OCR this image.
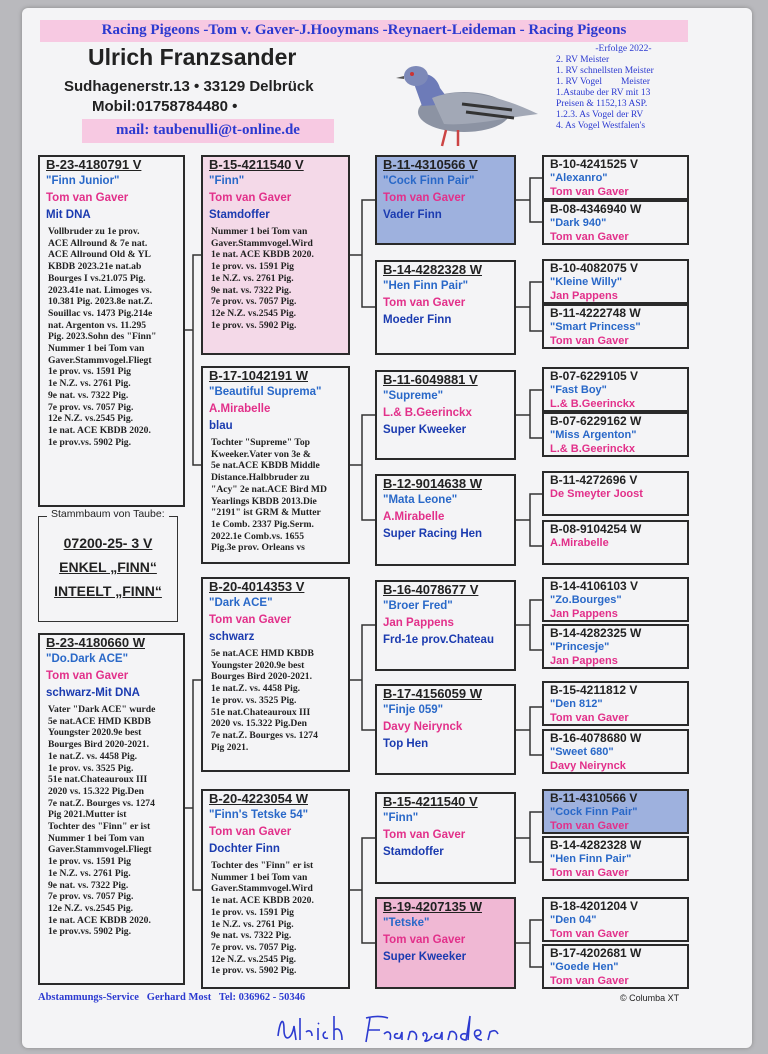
Racing Pigeons -Tom v. Gaver-J.Hooymans -Reynaert-Leideman - Racing Pigeons
Ulrich Franzsander
Sudhagenerstr.13 • 33129 Delbrück
Mobil:01758784480 •
mail: taubenulli@t-online.de
-Erfolge 2022-
2. RV Meister
1. RV schnellsten Meister
1. RV Vogel        Meister
1.Astaube der RV mit 13
Preisen & 1152,13 ASP.
1.2.3. As Vogel der RV
4. As Vogel Westfalen's
B-23-4180791 V
"Finn Junior"
Tom van Gaver
Mit DNA
Vollbruder zu 1e prov.
ACE Allround & 7e nat.
ACE Allround Old & YL
KBDB 2023.21e nat.ab
Bourges I vs.21.075 Pig.
2023.41e nat. Limoges vs.
10.381 Pig. 2023.8e nat.Z.
Souillac vs. 1473 Pig.214e
nat. Argenton vs. 11.295
Pig. 2023.Sohn des "Finn"
Nummer 1 bei Tom van
Gaver.Stammvogel.Fliegt
1e prov. vs. 1591 Pig
1e N.Z. vs. 2761 Pig.
9e nat. vs. 7322 Pig.
7e prov. vs. 7057 Pig.
12e N.Z. vs.2545 Pig.
1e nat. ACE KBDB 2020.
1e prov.vs. 5902 Pig.
Stammbaum von Taube:
07200-25- 3 V
ENKEL „FINN“
INTEELT „FINN“
B-23-4180660 W
"Do.Dark ACE"
Tom van Gaver
schwarz-Mit DNA
Vater "Dark ACE" wurde
5e nat.ACE HMD KBDB
Youngster 2020.9e best
Bourges Bird 2020-2021.
1e nat.Z. vs. 4458 Pig.
1e prov. vs. 3525 Pig.
51e nat.Chateauroux III
2020 vs. 15.322 Pig.Den
7e nat.Z. Bourges vs. 1274
Pig 2021.Mutter ist
Tochter des "Finn" er ist
Nummer 1 bei Tom van
Gaver.Stammvogel.Fliegt
1e prov. vs. 1591 Pig
1e N.Z. vs. 2761 Pig.
9e nat. vs. 7322 Pig.
7e prov. vs. 7057 Pig.
12e N.Z. vs.2545 Pig.
1e nat. ACE KBDB 2020.
1e prov.vs. 5902 Pig.
B-15-4211540 V
"Finn"
Tom van Gaver
Stamdoffer
Nummer 1 bei Tom van
Gaver.Stammvogel.Wird
1e nat. ACE KBDB 2020.
1e prov. vs. 1591 Pig
1e N.Z. vs. 2761 Pig.
9e nat. vs. 7322 Pig.
7e prov. vs. 7057 Pig.
12e N.Z. vs.2545 Pig.
1e prov. vs. 5902 Pig.
B-17-1042191 W
"Beautiful Suprema"
A.Mirabelle
blau
Tochter "Supreme" Top
Kweeker.Vater von 3e &
5e nat.ACE KBDB Middle
Distance.Halbbruder zu
"Acy" 2e nat.ACE Bird MD
Yearlings KBDB 2013.Die
"2191" ist GRM & Mutter
1e Comb. 2337 Pig.Serm.
2022.1e Comb.vs. 1655
Pig.3e prov. Orleans vs
B-20-4014353 V
"Dark ACE"
Tom van Gaver
schwarz
5e nat.ACE HMD KBDB
Youngster 2020.9e best
Bourges Bird 2020-2021.
1e nat.Z. vs. 4458 Pig.
1e prov. vs. 3525 Pig.
51e nat.Chateauroux III
2020 vs. 15.322 Pig.Den
7e nat.Z. Bourges vs. 1274
Pig 2021.
B-20-4223054 W
"Finn's Tetske 54"
Tom van Gaver
Dochter Finn
Tochter des "Finn" er ist
Nummer 1 bei Tom van
Gaver.Stammvogel.Wird
1e nat. ACE KBDB 2020.
1e prov. vs. 1591 Pig
1e N.Z. vs. 2761 Pig.
9e nat. vs. 7322 Pig.
7e prov. vs. 7057 Pig.
12e N.Z. vs.2545 Pig.
1e prov. vs. 5902 Pig.
B-11-4310566 V
"Cock Finn Pair"
Tom van Gaver
Vader Finn
B-14-4282328 W
"Hen Finn Pair"
Tom van Gaver
Moeder Finn
B-11-6049881 V
"Supreme"
L.& B.Geerinckx
Super Kweeker
B-12-9014638 W
"Mata Leone"
A.Mirabelle
Super Racing Hen
B-16-4078677 V
"Broer Fred"
Jan Pappens
Frd-1e prov.Chateau
B-17-4156059 W
"Finje 059"
Davy Neirynck
Top Hen
B-15-4211540 V
"Finn"
Tom van Gaver
Stamdoffer
B-19-4207135 W
"Tetske"
Tom van Gaver
Super Kweeker
B-10-4241525 V
"Alexanro"
Tom van Gaver
B-08-4346940 W
"Dark 940"
Tom van Gaver
B-10-4082075 V
"Kleine Willy"
Jan Pappens
B-11-4222748 W
"Smart Princess"
Tom van Gaver
B-07-6229105 V
"Fast Boy"
L.& B.Geerinckx
B-07-6229162 W
"Miss Argenton"
L.& B.Geerinckx
B-11-4272696 V
De Smeyter Joost
B-08-9104254 W
A.Mirabelle
B-14-4106103 V
"Zo.Bourges"
Jan Pappens
B-14-4282325 W
"Princesje"
Jan Pappens
B-15-4211812 V
"Den 812"
Tom van Gaver
B-16-4078680 W
"Sweet 680"
Davy Neirynck
B-11-4310566 V
"Cock Finn Pair"
Tom van Gaver
B-14-4282328 W
"Hen Finn Pair"
Tom van Gaver
B-18-4201204 V
"Den 04"
Tom van Gaver
B-17-4202681 W
"Goede Hen"
Tom van Gaver
Abstammungs-Service   Gerhard Most   Tel: 036962 - 50346	© Columba XT
